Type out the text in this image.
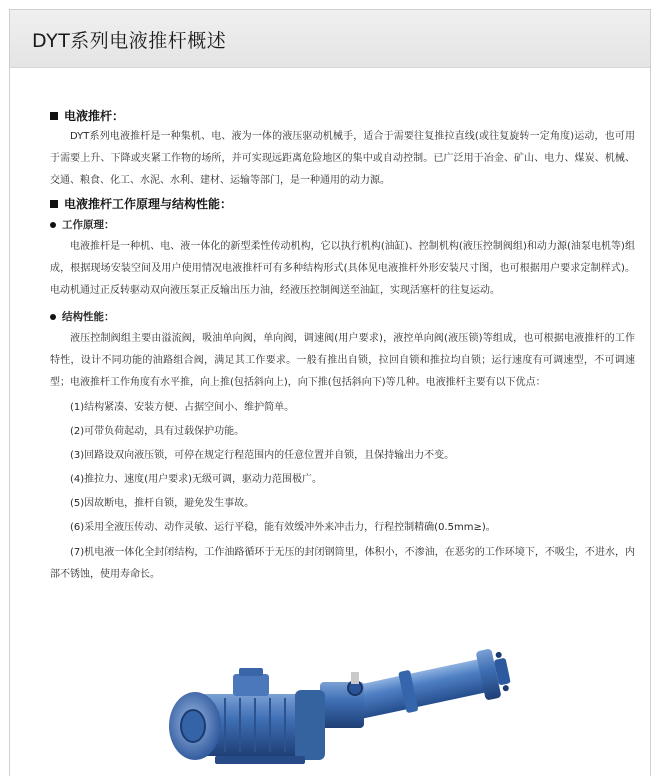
DYT系列电液推杆概述
电液推杆：

DYT系列电液推杆是一种集机、电、液为一体的液压驱动机械手，适合于需要往复推拉直线(或往复旋转一定角度)运动，也可用于需要上升、下降或夹紧工作物的场所，并可实现远距离危险地区的集中或自动控制。已广泛用于冶金、矿山、电力、煤炭、机械、交通、粮食、化工、水泥、水利、建材、运输等部门，是一种通用的动力源。

电液推杆工作原理与结构性能：
工作原理：

电液推杆是一种机、电、液一体化的新型柔性传动机构，它以执行机构(油缸)、控制机构(液压控制阀组)和动力源(油泵电机等)组成，根据现场安装空间及用户使用情况电液推杆可有多种结构形式(具体见电液推杆外形安装尺寸图，也可根据用户要求定制样式)。电动机通过正反转驱动双向液压泵正反输出压力油，经液压控制阀送至油缸，实现活塞杆的往复运动。

结构性能：

液压控制阀组主要由溢流阀，吸油单向阀，单向阀，调速阀(用户要求)，液控单向阀(液压锁)等组成，也可根据电液推杆的工作特性，设计不同功能的油路组合阀，满足其工作要求。一般有推出自锁，拉回自锁和推拉均自锁；运行速度有可调速型，不可调速型；电液推杆工作角度有水平推，向上推(包括斜向上)，向下推(包括斜向下)等几种。电液推杆主要有以下优点：

(1)结构紧凑、安装方便、占据空间小、维护简单。
(2)可带负荷起动，具有过载保护功能。
(3)回路设双向液压锁，可停在规定行程范围内的任意位置并自锁，且保持输出力不变。
(4)推拉力、速度(用户要求)无级可调，驱动力范围极广。
(5)因故断电，推杆自锁，避免发生事故。
(6)采用全液压传动、动作灵敏、运行平稳，能有效缓冲外来冲击力，行程控制精确(0.5mm≥)。

(7)机电液一体化全封闭结构，工作油路循环于无压的封闭钢筒里，体积小，不渗油，在恶劣的工作环境下，不吸尘，不进水，内部不锈蚀，使用寿命长。
